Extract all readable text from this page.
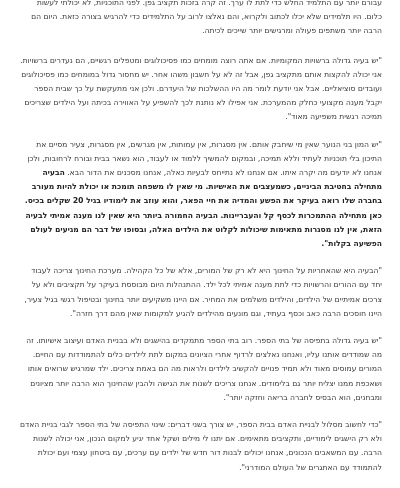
עבורם יותר עם התלמיד החלש כדי לתת לו ערך. זה קרה בזכות תקציב גפן. לפני התוכניות, לא יכולתי לעשות כלום. היו תלמידים שלא יכלו לכתוב ולקרוא, והם נאלצו לרוב על התלמידים כדי להרגיש בצורה כזאת. היום הם הרבה יותר משתפים פעולה ומרגישים יותר שייכים לכיתה.

"יש בעיה גדולה ברשויות המקומיות. אם אתה רוצה מומחים כמו פסיכולוגים ומטפלים רגשיים, הם נעדרים ברשויות. אני יכולה להקצות אותם מתקציב גפן, אבל זה לא על חשבון משהו אחר. יש מחסור גדול במומחים כמו פסיכולוגים ועובדים סוציאליים. אבל אני יודעת לומר מה היו ההשלכות של היעדרם. ולכן אני מתעקשת על כך שבית הספר יקבל מענה מקצועי כחלק מהמערכת. אני אפילו לא נותנת לכך להשפיע על האווירה בכיתה ועל הילדים שצריכים תמיכה רגשית משפיעה מאוד".

"יש המון בני הנוער שאין מי שיחבק אותם. אין מסגרות, אין עמותות, אין מגרשים, אין מסגרות, צעיר מסיים את התיכון בלי תוכניות לעתיד וללא תמיכה, ובמקום להמשיך ללמוד או לעבוד, הוא נשאר בבית ובורח לרחובות, ולכן אנחנו לא יודעים מה יקרה איתו. אם אנחנו לא נתייחס לבעיות כאלה, אנחנו מסכנים את הדור הבא. הבעיה מתחילה בחטיבת הביניים, כשמעצבים את האישיות. מי שאין לו משפחה תומכת או יכולת להיות מעורב בחברה שלו רואה בעיקר את הפשע והמדיה את חיי הפאר, והוא עוזב את לימודיו בגיל 20 שקלים בכיס. כאן מתחילה ההתמכרות לכסף קל והעבריינות. הבעיה החמורה ביותר היא שאין לנו מענה אמיתי לבעיה הזאת, אין לנו מסגרות מתאימות שיכולות לקלוט את הילדים האלה, ובסופו של דבר הם מגיעים לעולם הפשיעה בקלות".

"הבעיה היא שהאחריות על החינוך היא לא רק של המורים, אלא של כל הקהילה. מערכת החינוך צריכה לעבוד יחד עם ההורים והרשויות כדי לתת מענה אמיתי לכל ילד. ההתנהלות היום מבוססת בעיקר על תקציבים ולא על צרכים אמיתיים של הילדים, והילדים משלמים את המחיר. אם היינו משקיעים יותר בחינוך ובטיפול רגשי בגיל צעיר, היינו חוסכים הרבה כאב וכסף בעתיד, וגם מונעים מהילדים להגיע למקומות שאין מהם דרך חזרה".

"יש בעיה גדולה בתפיסה של בתי הספר. רוב בתי הספר מתמקדים בהישגים ולא בבניית האדם ועיצוב אישיותו. זה מה שמודדים אותנו עליו, ואנחנו נאלצים לרדוף אחרי הציונים במקום לתת לילדים כלים להתמודדות עם החיים. המורים עמוסים מאוד ולא תמיד פנויים להקשיב לילדים ולראות מה הם באמת צריכים. ילד שמרגיש שרואים אותו ושאכפת ממנו יצליח יותר גם בלימודים. אנחנו צריכים לשנות את הגישה ולהבין שהחינוך הוא הרבה יותר מציונים ומבחנים, הוא הבסיס לחברה בריאה וחזקה יותר".

"כדי לחשוב מסלול לבניית האדם בבית הספר, יש צורך בשני דברים: שינוי התפיסה של בתי הספר לגבי בניית האדם ולא רק הישגים לימודיים, ותקציבים מתאימים. אם יתנו לי מילים ושקל אחד יגיע למקום הנכון, אני יכולה לשנות הרבה. עם המשאבים הנכונים, אנחנו יכולים לבנות דור חדש של ילדים עם ערכים, עם ביטחון עצמי ועם יכולת להתמודד עם האתגרים של העולם המודרני".
